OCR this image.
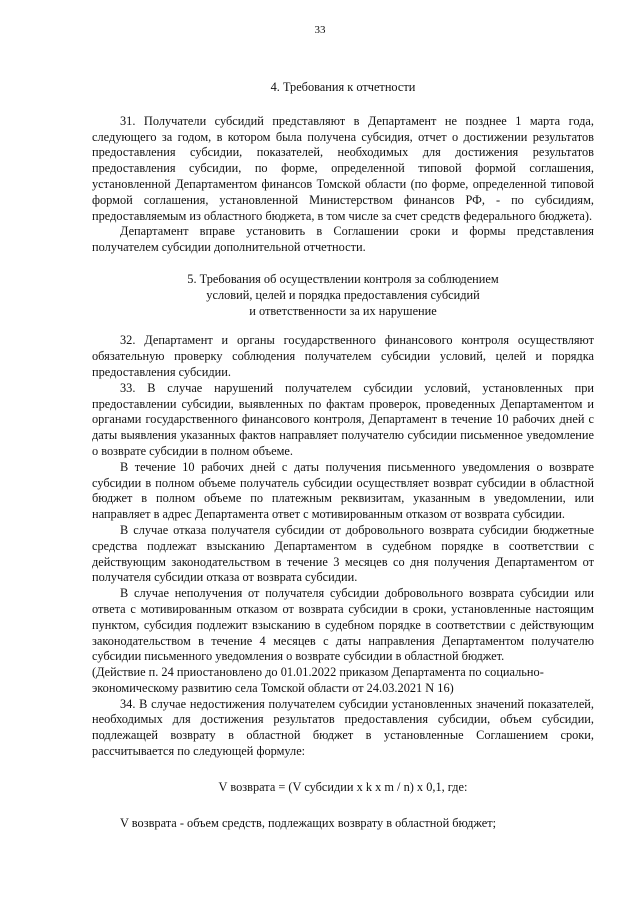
33

4. Требования к отчетности

31. Получатели субсидий представляют в Департамент не позднее 1 марта года, следующего за годом, в котором была получена субсидия, отчет о достижении результатов предоставления субсидии, показателей, необходимых для достижения результатов предоставления субсидии, по форме, определенной типовой формой соглашения, установленной Департаментом финансов Томской области (по форме, определенной типовой формой соглашения, установленной Министерством финансов РФ, - по субсидиям, предоставляемым из областного бюджета, в том числе за счет средств федерального бюджета).

Департамент вправе установить в Соглашении сроки и формы представления получателем субсидии дополнительной отчетности.

5. Требования об осуществлении контроля за соблюдением
условий, целей и порядка предоставления субсидий
и ответственности за их нарушение

32. Департамент и органы государственного финансового контроля осуществляют обязательную проверку соблюдения получателем субсидии условий, целей и порядка предоставления субсидии.

33. В случае нарушений получателем субсидии условий, установленных при предоставлении субсидии, выявленных по фактам проверок, проведенных Департаментом и органами государственного финансового контроля, Департамент в течение 10 рабочих дней с даты выявления указанных фактов направляет получателю субсидии письменное уведомление о возврате субсидии в полном объеме.

В течение 10 рабочих дней с даты получения письменного уведомления о возврате субсидии в полном объеме получатель субсидии осуществляет возврат субсидии в областной бюджет в полном объеме по платежным реквизитам, указанным в уведомлении, или направляет в адрес Департамента ответ с мотивированным отказом от возврата субсидии.

В случае отказа получателя субсидии от добровольного возврата субсидии бюджетные средства подлежат взысканию Департаментом в судебном порядке в соответствии с действующим законодательством в течение 3 месяцев со дня получения Департаментом от получателя субсидии отказа от возврата субсидии.

В случае неполучения от получателя субсидии добровольного возврата субсидии или ответа с мотивированным отказом от возврата субсидии в сроки, установленные настоящим пунктом, субсидия подлежит взысканию в судебном порядке в соответствии с действующим законодательством в течение 4 месяцев с даты направления Департаментом получателю субсидии письменного уведомления о возврате субсидии в областной бюджет.

(Действие п. 24 приостановлено до 01.01.2022 приказом Департамента по социально-
экономическому развитию села Томской области от 24.03.2021 N 16)

34. В случае недостижения получателем субсидии установленных значений показателей, необходимых для достижения результатов предоставления субсидии, объем субсидии, подлежащей возврату в областной бюджет в установленные Соглашением сроки, рассчитывается по следующей формуле:

V возврата = (V субсидии x k x m / n) x 0,1, где:

V возврата - объем средств, подлежащих возврату в областной бюджет;
